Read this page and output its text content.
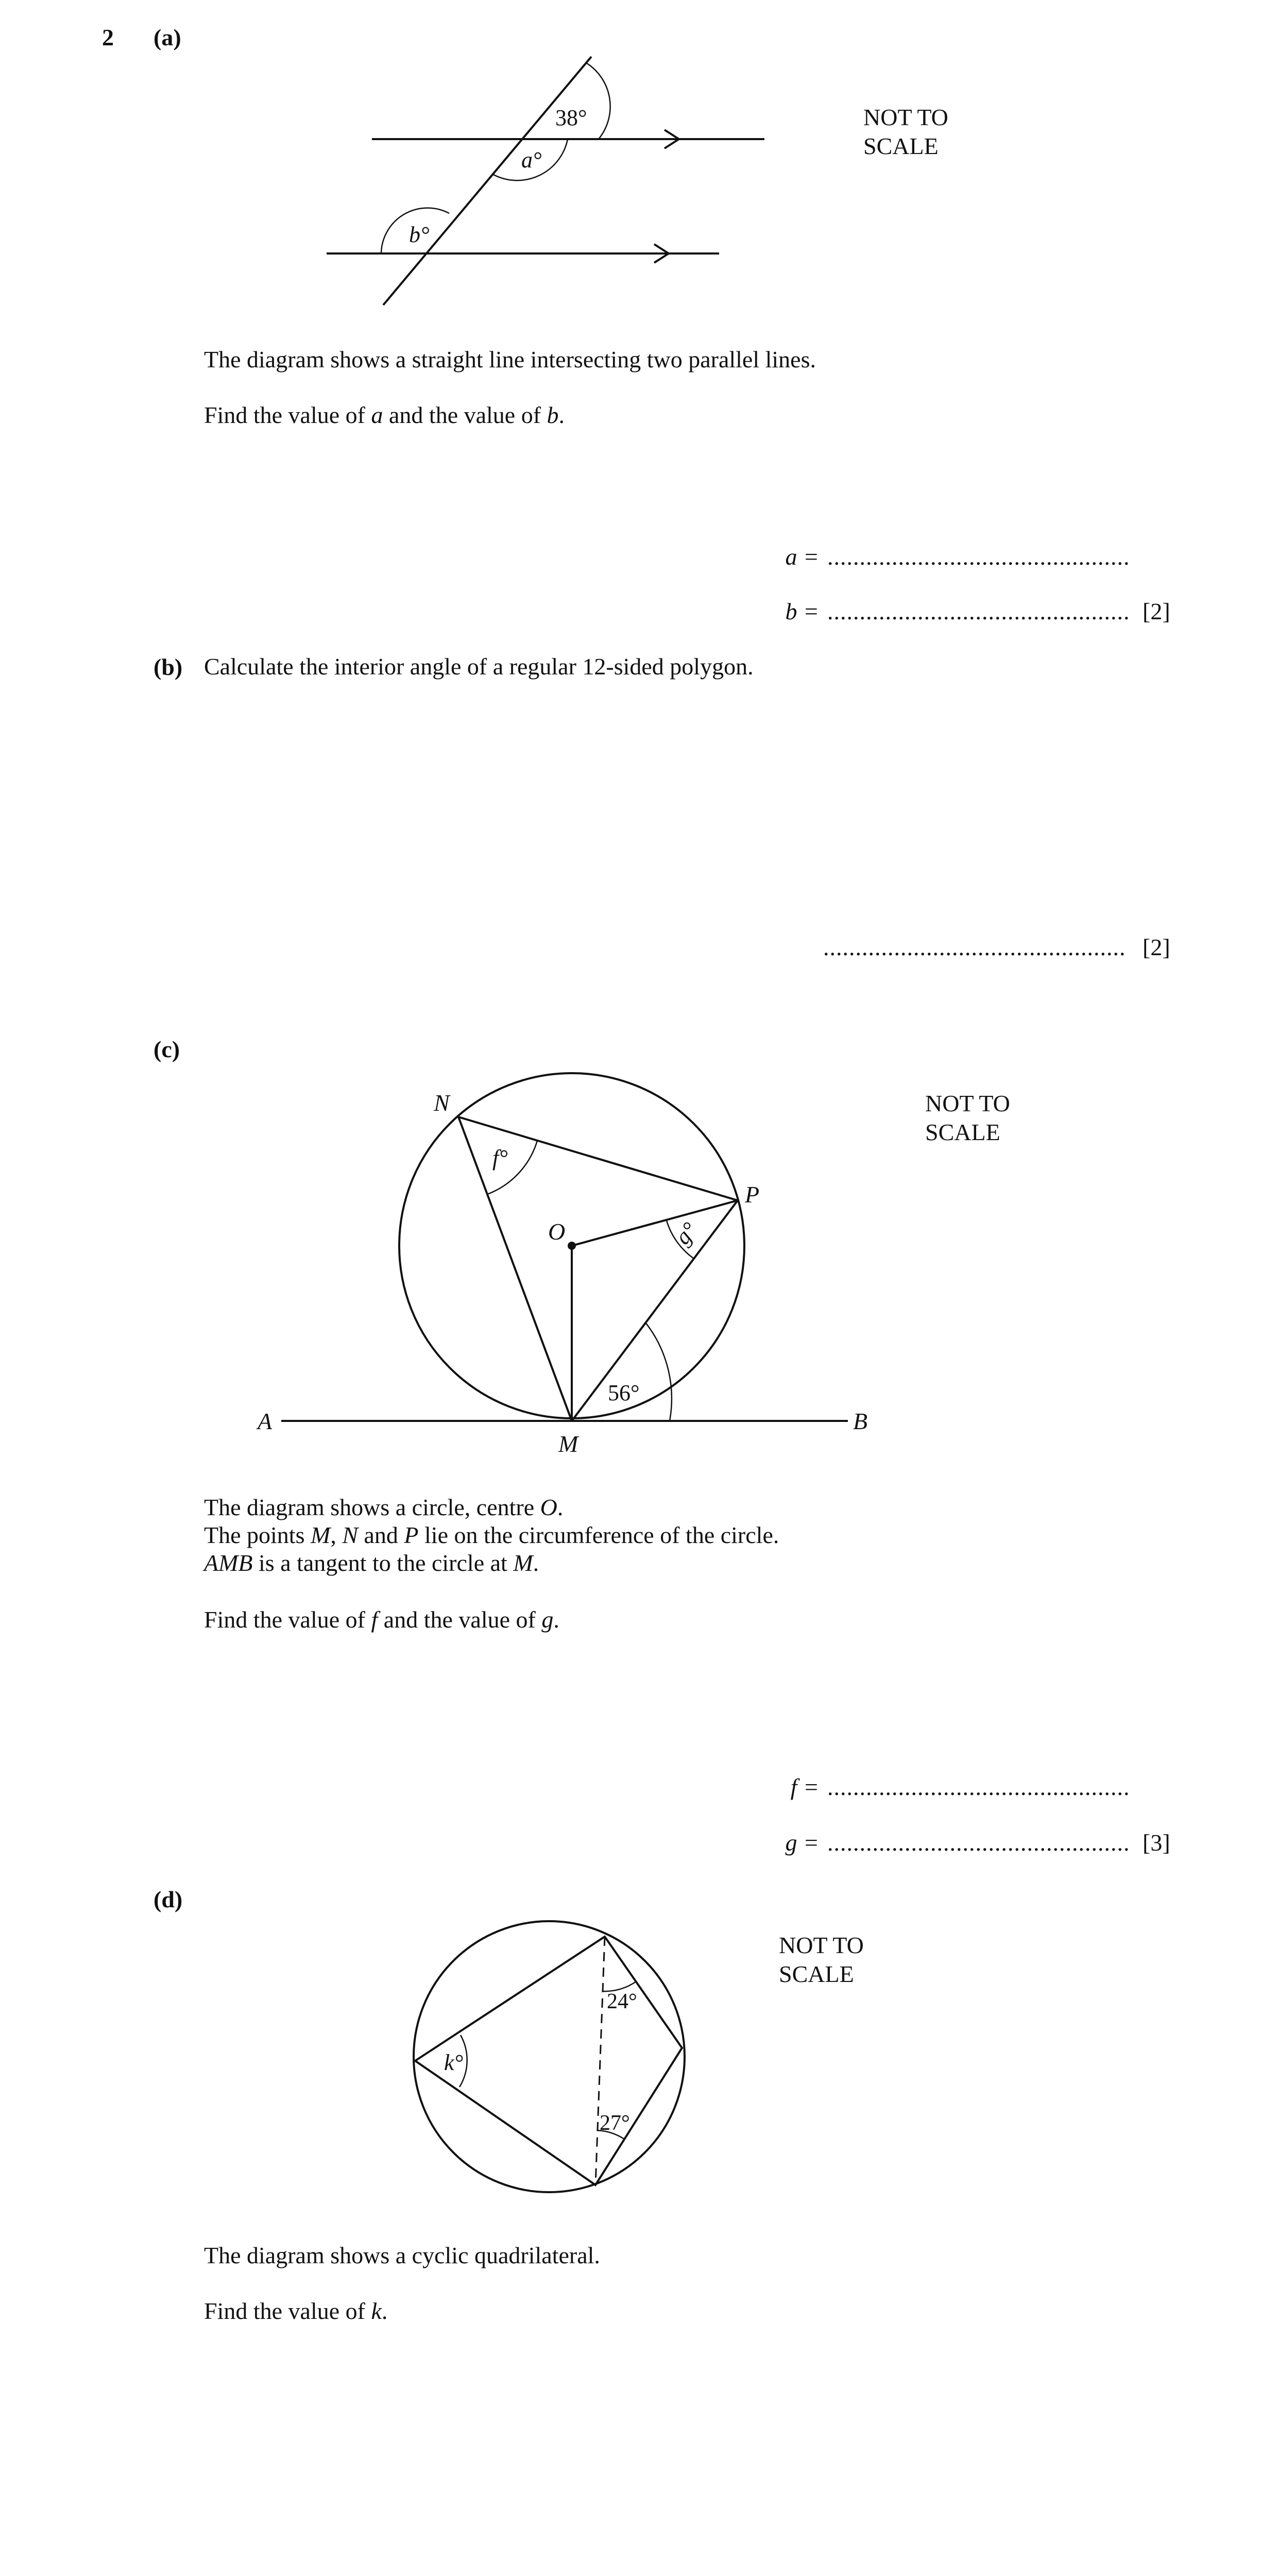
2 (a)
38°
a°
b°
NOT TO
SCALE
The diagram shows a straight line intersecting two parallel lines.
Find the value of a and the value of b.
a = ...............................................
b = ............................................... [2]
(b) Calculate the interior angle of a regular 12-sided polygon.
............................................... [2]
(c)
N
P
O
M
A	B
f°
g°
56°
NOT TO
SCALE
The diagram shows a circle, centre O.
The points M, N and P lie on the circumference of the circle.
AMB is a tangent to the circle at M.
Find the value of f and the value of g.
f = ...............................................
g = ............................................... [3]
(d)
24°
27°
k°
NOT TO
SCALE
The diagram shows a cyclic quadrilateral.
Find the value of k.
